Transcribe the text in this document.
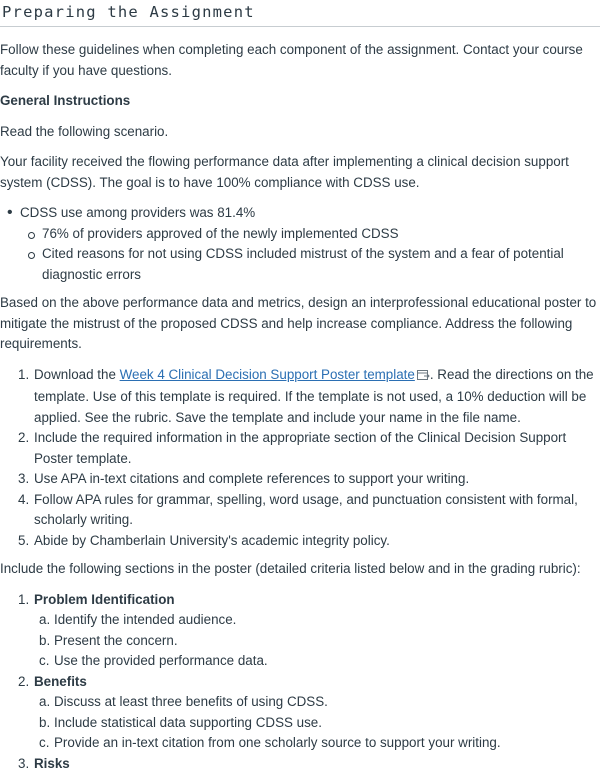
Preparing the Assignment

Follow these guidelines when completing each component of the assignment. Contact your course faculty if you have questions.

General Instructions

Read the following scenario.

Your facility received the flowing performance data after implementing a clinical decision support system (CDSS). The goal is to have 100% compliance with CDSS use.

• CDSS use among providers was 81.4%
76% of providers approved of the newly implemented CDSS
Cited reasons for not using CDSS included mistrust of the system and a fear of potential diagnostic errors

Based on the above performance data and metrics, design an interprofessional educational poster to mitigate the mistrust of the proposed CDSS and help increase compliance. Address the following requirements.

1. Download the Week 4 Clinical Decision Support Poster template . Read the directions on the template. Use of this template is required. If the template is not used, a 10% deduction will be applied. See the rubric. Save the template and include your name in the file name.
2. Include the required information in the appropriate section of the Clinical Decision Support Poster template.
3. Use APA in-text citations and complete references to support your writing.
4. Follow APA rules for grammar, spelling, word usage, and punctuation consistent with formal, scholarly writing.
5. Abide by Chamberlain University's academic integrity policy.

Include the following sections in the poster (detailed criteria listed below and in the grading rubric):

1. Problem Identification
a. Identify the intended audience.
b. Present the concern.
c. Use the provided performance data.
2. Benefits
a. Discuss at least three benefits of using CDSS.
b. Include statistical data supporting CDSS use.
c. Provide an in-text citation from one scholarly source to support your writing.
3. Risks
